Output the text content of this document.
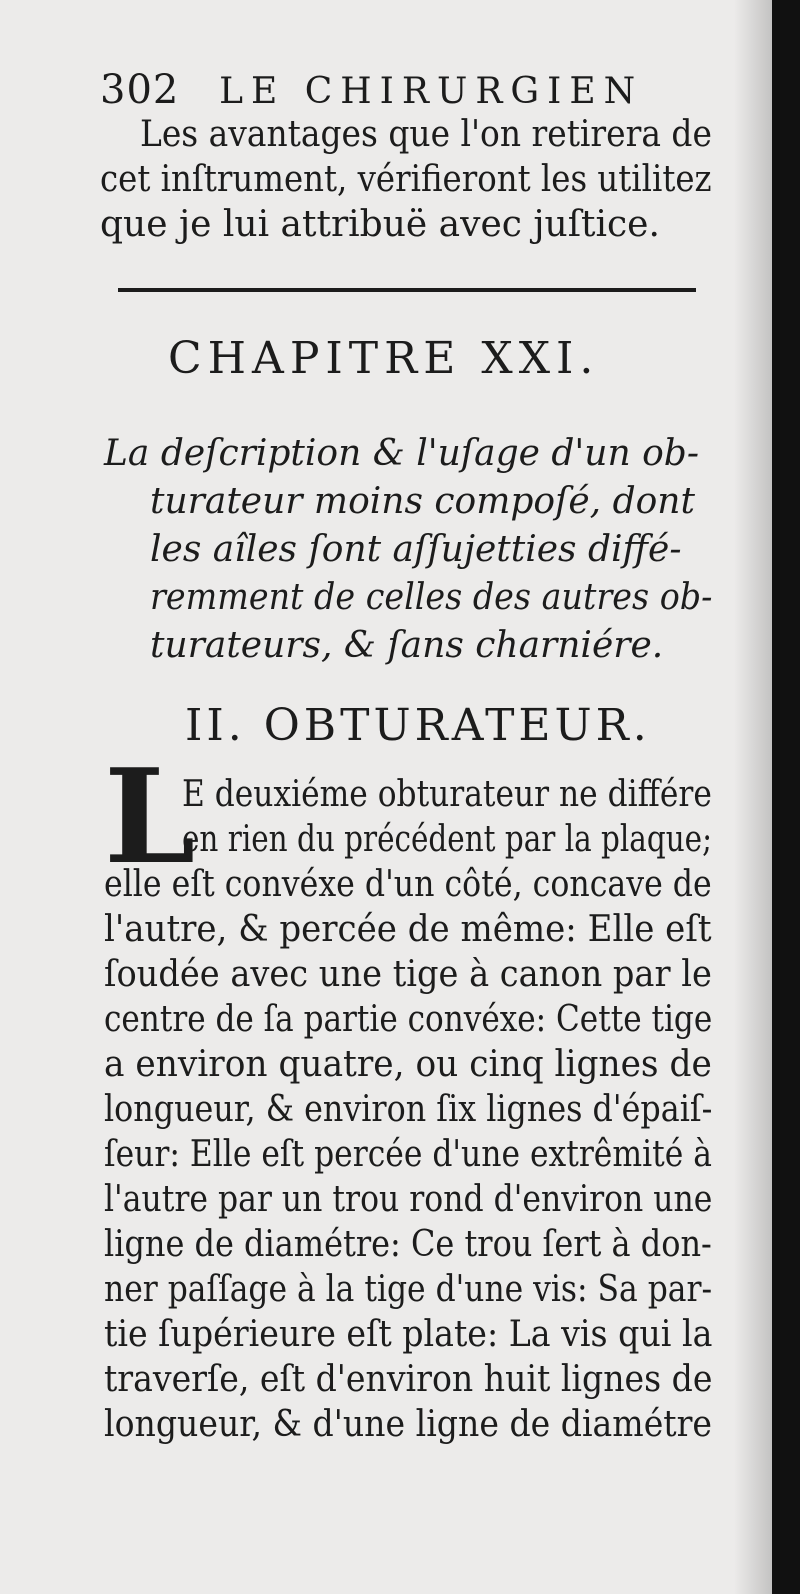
302 LE CHIRURGIEN
Les avantages que l'on retirera de
cet inſtrument, vérifieront les utilitez
que je lui attribuë avec juſtice.
CHAPITRE XXI.
La deſcription & l'uſage d'un ob-
turateur moins compoſé, dont
les aîles ſont aſſujetties diffé-
remment de celles des autres ob-
turateurs, & ſans charniére.
II. OBTURATEUR.
L
E deuxiéme obturateur ne différe
en rien du précédent par la plaque;
elle eſt convéxe d'un côté, concave de
l'autre, & percée de même: Elle eſt
ſoudée avec une tige à canon par le
centre de ſa partie convéxe: Cette tige
a environ quatre, ou cinq lignes de
longueur, & environ ſix lignes d'épaiſ-
ſeur: Elle eſt percée d'une extrêmité à
l'autre par un trou rond d'environ une
ligne de diamétre: Ce trou ſert à don-
ner paſſage à la tige d'une vis: Sa par-
tie ſupérieure eſt plate: La vis qui la
traverſe, eſt d'environ huit lignes de
longueur, & d'une ligne de diamétre
